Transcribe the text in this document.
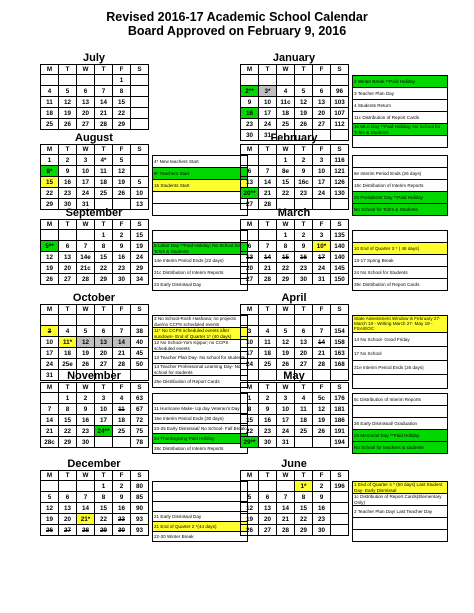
Revised 2016-17 Academic School Calendar
Board Approved on February 9, 2016
July
M	T	W	T	F	S
				1	
4	5	6	7	8	
11	12	13	14	15	
18	19	20	21	22	
25	26	27	28	29	
January
M	T	W	T	F	S

2**	3*	4	5	6	96
9	10	11c	12	13	103
16	17	18	19	20	107
23	24	25	26	27	112
30	31				
2 Winter Break **Paid Holiday
3 Teacher Plan Day
4 Students Return
11c Distribution of Report Cards
16 MLK Day **Paid Holiday; No School for Tchrs & Students

August
M	T	W	T	F	S
1	2	3	4*	5	
8*	9	10	11	12	
15	16	17	18	19	5
22	23	24	25	26	10
29	30	31			13
4* New teachers Start
8* Teachers Start
15 Students Start

February
M	T	W	T	F	S
		1	2	3	116
6	7	8e	9	10	121
13	14	15	16c	17	126
20**	21	22	23	24	130
27	28				

8e Interim Period Ends (26 days)
16c Distribution of Interim Reports
20 Presidents' Day **Paid Holiday
No School for Tchrs & Students
September
M	T	W	T	F	S
			1	2	15
5**	6	7	8	9	19
12	13	14e	15	16	24
19	20	21c	22	23	29
26	27	28	29	30	34

5 Labor Day **Paid Holiday; No School for Tchrs & Students
14e Interim Period Ends (22 days)
21c Distribution of Interim Reports
23 Early Dismissal Day
March
M	T	W	T	F	S
		1	2	3	135
6	7	8	9	10*	140
13	14	15	16	17	140
20	21	22	23	24	145
27	28	29	30	31	150

10 End of Quarter 3 * ( 46 days)
13-17 Spring Break
24 No School for Students
29c Distribution of Report Cards
October
M	T	W	T	F	S

3	4	5	6	7	38
10	11*	12	13	14	40
17	18	19	20	21	45
24	25e	26	27	28	50
31					
3 No School-Rosh Hashana; no projects due/no CCPS scheduled events
11* No CCPS scheduled events after sundown- End of Quarter 1* (40 days)
12 No School-Yom Kippur; no CCPS scheduled events
13 Teacher Plan Day- No school for students
14 Teacher Professional Learning Day- No school for students
25e Distribution of Report Cards
April
M	T	W	T	F	S

3	4	5	6	7	154
10	11	12	13	14	158
17	18	19	20	21	163
24	25	26	27	28	168

State Assessment Window is February 27- March 10 - Writing March 27- May 19 - FSA/EOC
14 No School- Good Friday
17 No School
21e Interim Period Ends (26 days)

November
M	T	W	T	F	S
	1	2	3	4	63
7	8	9	10	11	67
14	15	16	17	18	72
21	22	23	24**	25	75
28c	29	30			78

11 Hurricane Make- Up day Veteran's Day
16e Interim Period Ends (30 days)
23-25 Early Dismissal/ No School- Fall Break
24 Thanksgiving Paid Holiday
28c Distribution of Interim Reports
May
M	T	W	T	F	S
1	2	3	4	5c	176
8	9	10	11	12	181
15	16	17	18	19	186
22	23	24	25	26	191
29**	30	31			194
5c Distribution of Interim Reports

26 Early Dismissal/ Graduation
29 Memorial Day **Paid Holiday
No School for teachers & students
December
M	T	W	T	F	S
			1	2	80
5	6	7	8	9	85
12	13	14	15	16	90
19	20	21*	22	23	93
26	27	28	29	30	93

21 Early Dismissal Day
21 End of Quarter 2 *(44 days)
22-30 Winter Break
June
M	T	W	T	F	S
			1*	2	196
5	6	7	8	9	
12	13	14	15	16	
19	20	21	22	23	
26	27	28	29	30	
1 End of Quarter 4 * (50 days) Last Student Day- Early Dismissal
1c Distribution of Report Cards(Elementary Only)
2 Teacher Plan Day/ Last Teacher Day
